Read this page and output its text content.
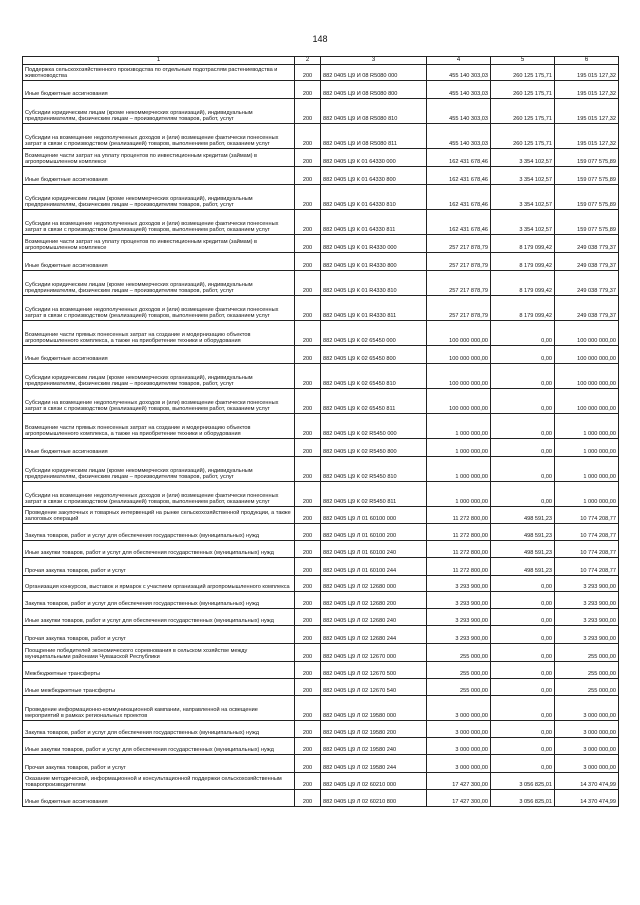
148
1	2	3	4	5	6
Поддержка сельскохозяйственного производства по отдельным подотраслям растениеводства и животноводства	200	882 0405 Ц9 И 08 R5080 000	455 140 303,03	260 125 175,71	195 015 127,32
Иные бюджетные ассигнования	200	882 0405 Ц9 И 08 R5080 800	455 140 303,03	260 125 175,71	195 015 127,32
Субсидии юридическим лицам (кроме некоммерческих организаций), индивидуальным предпринимателям, физическим лицам – производителям товаров, работ, услуг	200	882 0405 Ц9 И 08 R5080 810	455 140 303,03	260 125 175,71	195 015 127,32
Субсидии на возмещение недополученных доходов и (или) возмещение фактически понесенных затрат в связи с производством (реализацией) товаров, выполнением работ, оказанием услуг	200	882 0405 Ц9 И 08 R5080 811	455 140 303,03	260 125 175,71	195 015 127,32
Возмещение части затрат на уплату процентов по инвестиционным кредитам (займам) в агропромышленном комплексе	200	882 0405 Ц9 К 01 64330 000	162 431 678,46	3 354 102,57	159 077 575,89
Иные бюджетные ассигнования	200	882 0405 Ц9 К 01 64330 800	162 431 678,46	3 354 102,57	159 077 575,89
Субсидии юридическим лицам (кроме некоммерческих организаций), индивидуальным предпринимателям, физическим лицам – производителям товаров, работ, услуг	200	882 0405 Ц9 К 01 64330 810	162 431 678,46	3 354 102,57	159 077 575,89
Субсидии на возмещение недополученных доходов и (или) возмещение фактически понесенных затрат в связи с производством (реализацией) товаров, выполнением работ, оказанием услуг	200	882 0405 Ц9 К 01 64330 811	162 431 678,46	3 354 102,57	159 077 575,89
Возмещение части затрат на уплату процентов по инвестиционным кредитам (займам) в агропромышленном комплексе	200	882 0405 Ц9 К 01 R4330 000	257 217 878,79	8 179 099,42	249 038 779,37
Иные бюджетные ассигнования	200	882 0405 Ц9 К 01 R4330 800	257 217 878,79	8 179 099,42	249 038 779,37
Субсидии юридическим лицам (кроме некоммерческих организаций), индивидуальным предпринимателям, физическим лицам – производителям товаров, работ, услуг	200	882 0405 Ц9 К 01 R4330 810	257 217 878,79	8 179 099,42	249 038 779,37
Субсидии на возмещение недополученных доходов и (или) возмещение фактически понесенных затрат в связи с производством (реализацией) товаров, выполнением работ, оказанием услуг	200	882 0405 Ц9 К 01 R4330 811	257 217 878,79	8 179 099,42	249 038 779,37
Возмещение части прямых понесенных затрат на создание и модернизацию объектов агропромышленного комплекса, а также на приобретение техники и оборудования	200	882 0405 Ц9 К 02 65450 000	100 000 000,00	0,00	100 000 000,00
Иные бюджетные ассигнования	200	882 0405 Ц9 К 02 65450 800	100 000 000,00	0,00	100 000 000,00
Субсидии юридическим лицам (кроме некоммерческих организаций), индивидуальным предпринимателям, физическим лицам – производителям товаров, работ, услуг	200	882 0405 Ц9 К 02 65450 810	100 000 000,00	0,00	100 000 000,00
Субсидии на возмещение недополученных доходов и (или) возмещение фактически понесенных затрат в связи с производством (реализацией) товаров, выполнением работ, оказанием услуг	200	882 0405 Ц9 К 02 65450 811	100 000 000,00	0,00	100 000 000,00
Возмещение части прямых понесенных затрат на создание и модернизацию объектов агропромышленного комплекса, а также на приобретение техники и оборудования	200	882 0405 Ц9 К 02 R5450 000	1 000 000,00	0,00	1 000 000,00
Иные бюджетные ассигнования	200	882 0405 Ц9 К 02 R5450 800	1 000 000,00	0,00	1 000 000,00
Субсидии юридическим лицам (кроме некоммерческих организаций), индивидуальным предпринимателям, физическим лицам – производителям товаров, работ, услуг	200	882 0405 Ц9 К 02 R5450 810	1 000 000,00	0,00	1 000 000,00
Субсидии на возмещение недополученных доходов и (или) возмещение фактически понесенных затрат в связи с производством (реализацией) товаров, выполнением работ, оказанием услуг	200	882 0405 Ц9 К 02 R5450 811	1 000 000,00	0,00	1 000 000,00
Проведение закупочных и товарных интервенций на рынке сельскохозяйственной продукции, а также залоговых операций	200	882 0405 Ц9 Л 01 60100 000	11 272 800,00	498 591,23	10 774 208,77
Закупка товаров, работ и услуг для обеспечения государственных (муниципальных) нужд	200	882 0405 Ц9 Л 01 60100 200	11 272 800,00	498 591,23	10 774 208,77
Иные закупки товаров, работ и услуг для обеспечения государственных (муниципальных) нужд	200	882 0405 Ц9 Л 01 60100 240	11 272 800,00	498 591,23	10 774 208,77
Прочая закупка товаров, работ и услуг	200	882 0405 Ц9 Л 01 60100 244	11 272 800,00	498 591,23	10 774 208,77
Организация конкурсов, выставок и ярмарок с участием организаций агропромышленного комплекса	200	882 0405 Ц9 Л 02 12680 000	3 293 900,00	0,00	3 293 900,00
Закупка товаров, работ и услуг для обеспечения государственных (муниципальных) нужд	200	882 0405 Ц9 Л 02 12680 200	3 293 900,00	0,00	3 293 900,00
Иные закупки товаров, работ и услуг для обеспечения государственных (муниципальных) нужд	200	882 0405 Ц9 Л 02 12680 240	3 293 900,00	0,00	3 293 900,00
Прочая закупка товаров, работ и услуг	200	882 0405 Ц9 Л 02 12680 244	3 293 900,00	0,00	3 293 900,00
Поощрение победителей экономического соревнования в сельском хозяйстве между муниципальными районами Чувашской Республики	200	882 0405 Ц9 Л 02 12670 000	255 000,00	0,00	255 000,00
Межбюджетные трансферты	200	882 0405 Ц9 Л 02 12670 500	255 000,00	0,00	255 000,00
Иные межбюджетные трансферты	200	882 0405 Ц9 Л 02 12670 540	255 000,00	0,00	255 000,00
Проведение информационно-коммуникационной кампании, направленной на освещение мероприятий в рамках региональных проектов	200	882 0405 Ц9 Л 02 19580 000	3 000 000,00	0,00	3 000 000,00
Закупка товаров, работ и услуг для обеспечения государственных (муниципальных) нужд	200	882 0405 Ц9 Л 02 19580 200	3 000 000,00	0,00	3 000 000,00
Иные закупки товаров, работ и услуг для обеспечения государственных (муниципальных) нужд	200	882 0405 Ц9 Л 02 19580 240	3 000 000,00	0,00	3 000 000,00
Прочая закупка товаров, работ и услуг	200	882 0405 Ц9 Л 02 19580 244	3 000 000,00	0,00	3 000 000,00
Оказание методической, информационной и консультационной поддержки сельскохозяйственным товаропроизводителям	200	882 0405 Ц9 Л 02 60210 000	17 427 300,00	3 056 825,01	14 370 474,99
Иные бюджетные ассигнования	200	882 0405 Ц9 Л 02 60210 800	17 427 300,00	3 056 825,01	14 370 474,99
